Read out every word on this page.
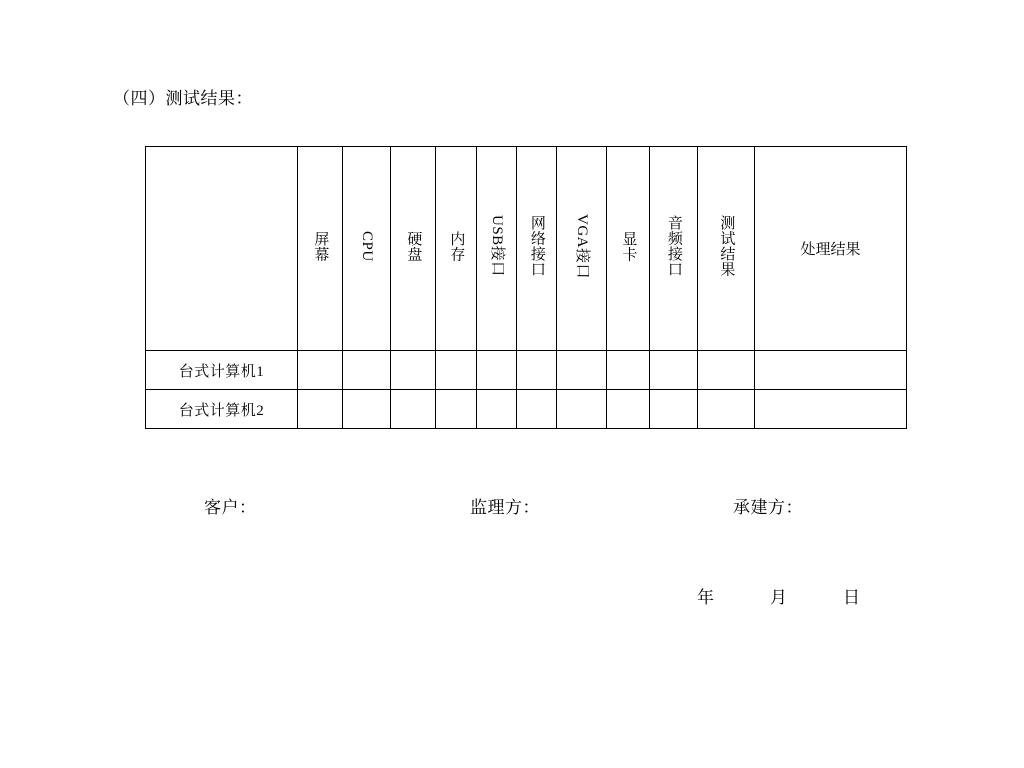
（四）测试结果：
	屏幕	CPU	硬盘	内存	USB接口	网络接口	VGA接口	显卡	音频接口	测试结果	处理结果
台式计算机1											
台式计算机2											
客户：	监理方：	承建方：
年	月	日
